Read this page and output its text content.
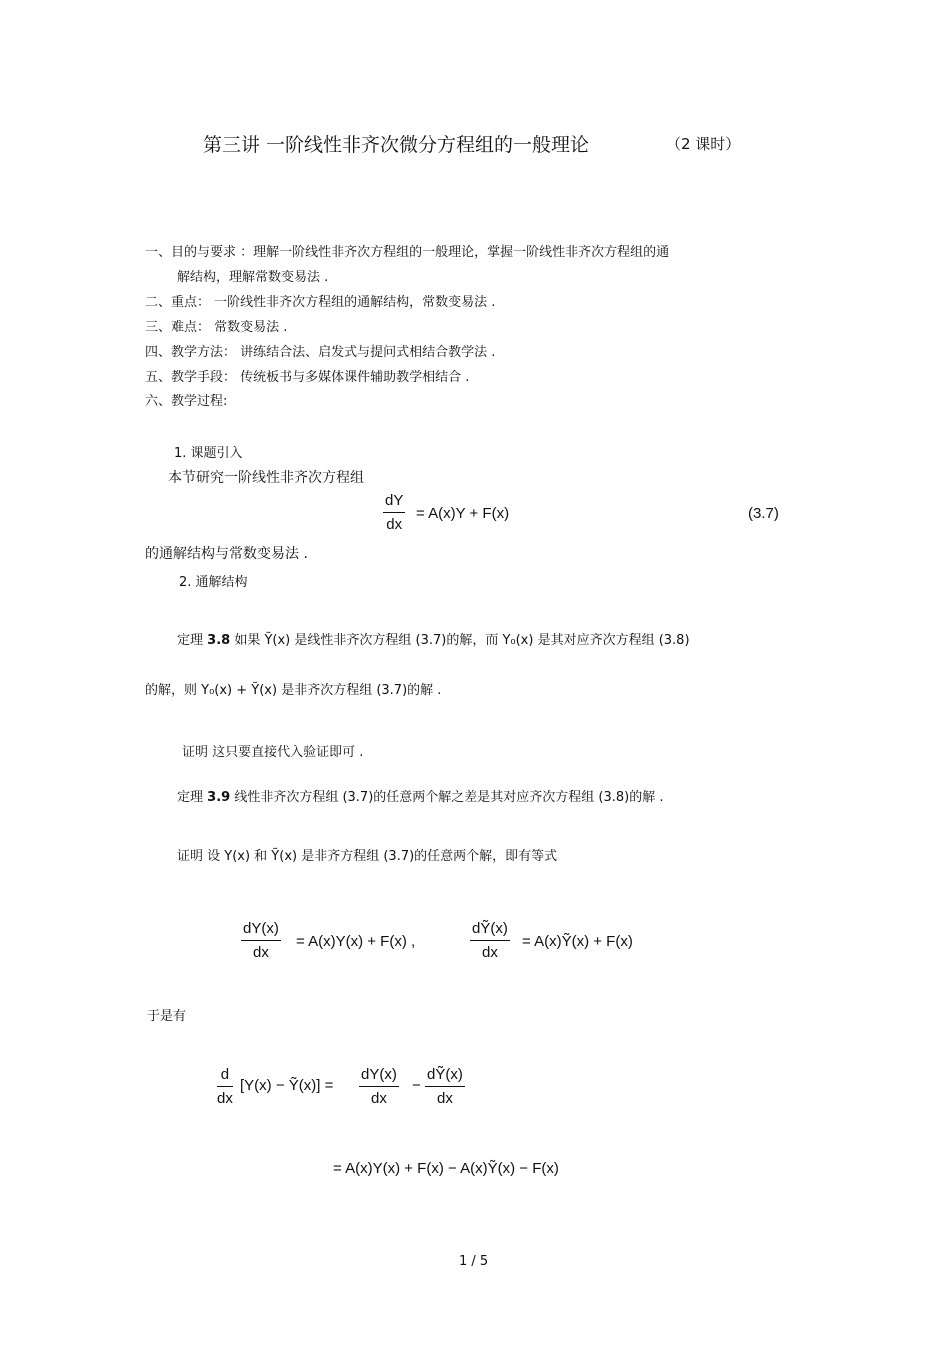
第三讲 一阶线性非齐次微分方程组的一般理论	（2 课时）
一、目的与要求 ：理解一阶线性非齐次方程组的一般理论，掌握一阶线性非齐次方程组的通
解结构，理解常数变易法 .
二、重点： 一阶线性非齐次方程组的通解结构，常数变易法 .
三、难点： 常数变易法 .
四、教学方法： 讲练结合法、启发式与提问式相结合教学法 .
五、教学手段： 传统板书与多媒体课件辅助教学相结合 .
六、教学过程:
1. 课题引入
本节研究一阶线性非齐次方程组
$\frac{dY}{dx} = A(x)Y + F(x)$	(3.7)
的通解结构与常数变易法 .
2. 通解结构
定理 3.8 如果 Ỹ(x) 是线性非齐次方程组 (3.7)的解，而 Y₀(x) 是其对应齐次方程组 (3.8)
的解，则 Y₀(x) + Ỹ(x) 是非齐次方程组 (3.7)的解 .
证明 这只要直接代入验证即可 .
定理 3.9 线性非齐次方程组 (3.7)的任意两个解之差是其对应齐次方程组 (3.8)的解 .
证明 设 Y(x) 和 Ỹ(x) 是非齐方程组 (3.7)的任意两个解，即有等式
$\frac{dY(x)}{dx} = A(x)Y(x) + F(x)$ ,	$\frac{\text{dỸ(x)}}{dx}$ = A(x)Ỹ(x) + F(x)
于是有
$\frac{d}{dx} [Y(x)$ − Ỹ(x)] = $\frac{dY(x)}{dx} - \frac{\text{dỸ(x)}}{dx}$
= A(x)Y(x) + F(x) − A(x)Ỹ(x) − F(x)
1 / 5
